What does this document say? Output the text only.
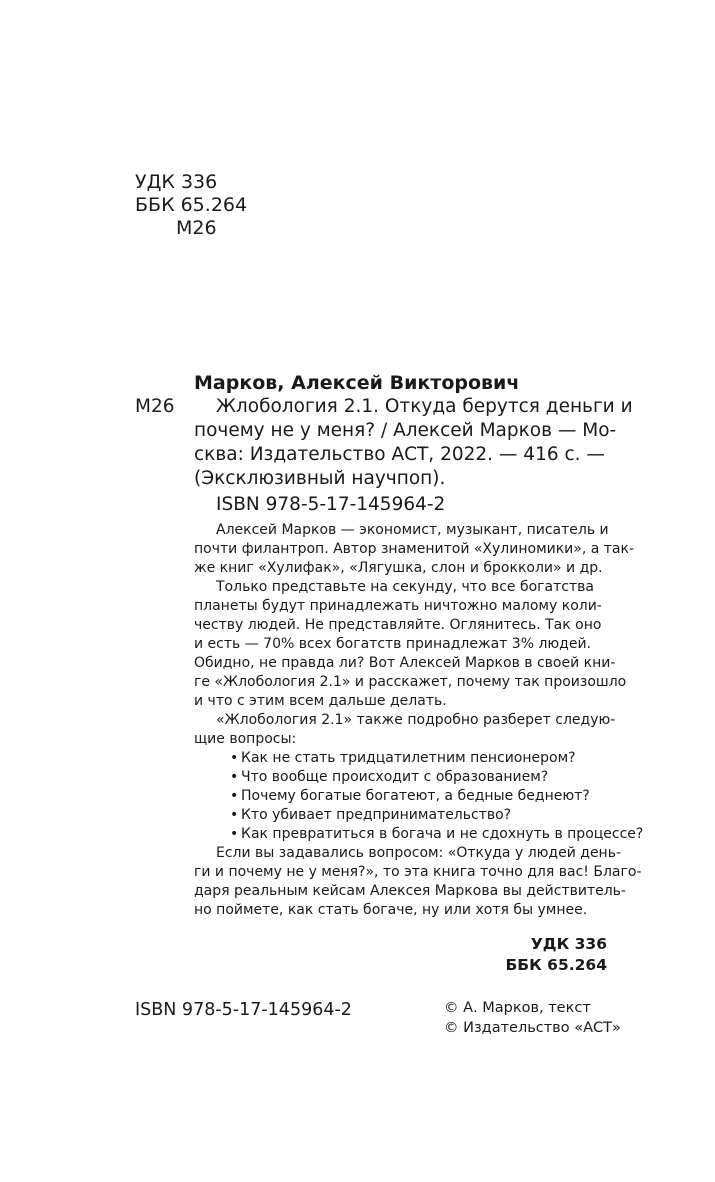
УДК 336
ББК 65.264
М26
Марков, Алексей Викторович
М26 Жлобология 2.1. Откуда берутся деньги и
почему не у меня? / Алексей Марков — Мо-
сква: Издательство АСТ, 2022. — 416 с. —
(Эксклюзивный научпоп).
ISBN 978-5-17-145964-2
Алексей Марков — экономист, музыкант, писатель и
почти филантроп. Автор знаменитой «Хулиномики», а так-
же книг «Хулифак», «Лягушка, слон и брокколи» и др.
Только представьте на секунду, что все богатства
планеты будут принадлежать ничтожно малому коли-
честву людей. Не представляйте. Оглянитесь. Так оно
и есть — 70% всех богатств принадлежат 3% людей.
Обидно, не правда ли? Вот Алексей Марков в своей кни-
ге «Жлобология 2.1» и расскажет, почему так произошло
и что с этим всем дальше делать.
«Жлобология 2.1» также подробно разберет следую-
щие вопросы:
• Как не стать тридцатилетним пенсионером?
• Что вообще происходит с образованием?
• Почему богатые богатеют, а бедные беднеют?
• Кто убивает предпринимательство?
• Как превратиться в богача и не сдохнуть в процессе?
Если вы задавались вопросом: «Откуда у людей день-
ги и почему не у меня?», то эта книга точно для вас! Благо-
даря реальным кейсам Алексея Маркова вы действитель-
но поймете, как стать богаче, ну или хотя бы умнее.
УДК 336
ББК 65.264
ISBN 978-5-17-145964-2	© А. Марков, текст
© Издательство «АСТ»
